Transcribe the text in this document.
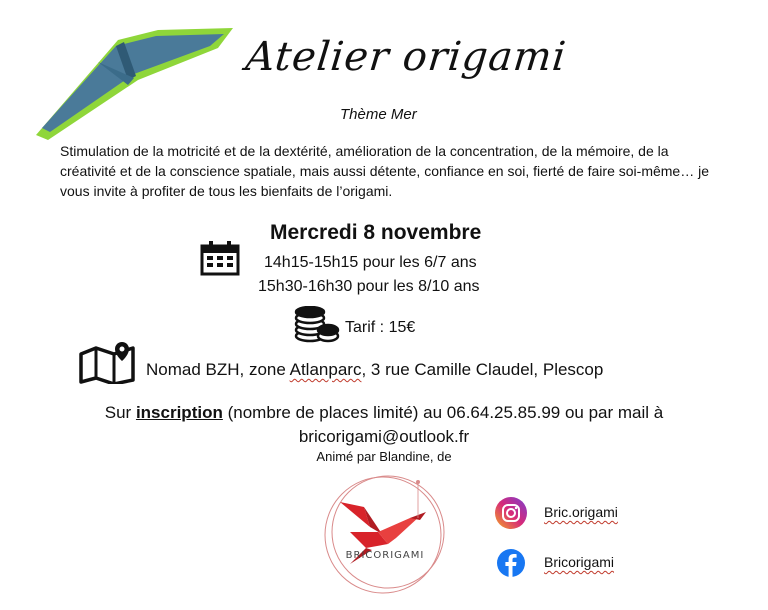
Atelier origami
Thème Mer
Stimulation de la motricité et de la dextérité, amélioration de la concentration, de la mémoire, de la créativité et de la conscience spatiale, mais aussi détente, confiance en soi, fierté de faire soi-même… je vous invite à profiter de tous les bienfaits de l’origami.
Mercredi 8 novembre
14h15-15h15 pour les 6/7 ans
15h30-16h30 pour les 8/10 ans
Tarif : 15€
Nomad BZH, zone Atlanparc, 3 rue Camille Claudel, Plescop
Sur inscription (nombre de places limité) au 06.64.25.85.99 ou par mail à
bricorigami@outlook.fr
Animé par Blandine, de
BRICORIGAMI
Bric.origami
Bricorigami
